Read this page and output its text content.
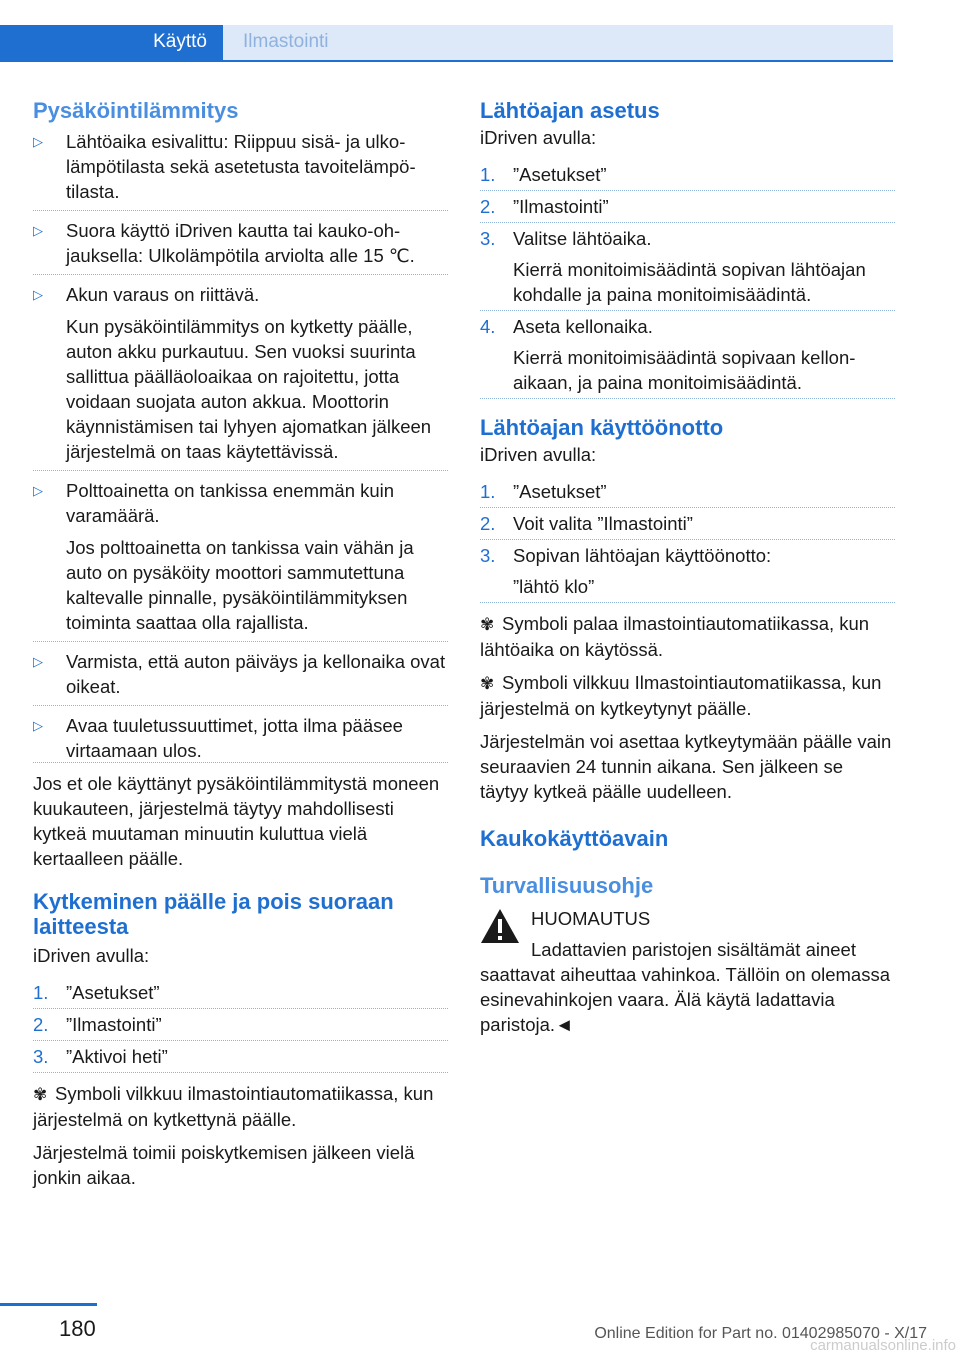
Käyttö Ilmastointi
Pysäköintilämmitys
▷ Lähtöaika esivalittu: Riippuu sisä- ja ulkolämpötilasta sekä asetetusta tavoitelämpötilasta.
▷ Suora käyttö iDriven kautta tai kauko-ohjauksella: Ulkolämpötila arviolta alle 15 ℃.
▷ Akun varaus on riittävä.
Kun pysäköintilämmitys on kytketty päälle, auton akku purkautuu. Sen vuoksi suurinta sallittua päälläoloaikaa on rajoitettu, jotta voidaan suojata auton akkua. Moottorin käynnistämisen tai lyhyen ajomatkan jälkeen järjestelmä on taas käytettävissä.
▷ Polttoainetta on tankissa enemmän kuin varamäärä.
Jos polttoainetta on tankissa vain vähän ja auto on pysäköity moottori sammutettuna kaltevalle pinnalle, pysäköintilämmityksen toiminta saattaa olla rajallista.
▷ Varmista, että auton päiväys ja kellonaika ovat oikeat.
▷ Avaa tuuletussuuttimet, jotta ilma pääsee virtaamaan ulos.

Jos et ole käyttänyt pysäköintilämmitystä moneen kuukauteen, järjestelmä täytyy mahdollisesti kytkeä muutaman minuutin kuluttua vielä kertaalleen päälle.

Kytkeminen päälle ja pois suoraan laitteesta

iDriven avulla:

1. ”Asetukset”
2. ”Ilmastointi”
3. ”Aktivoi heti”

✾ Symboli vilkkuu ilmastointiautomatiikassa, kun järjestelmä on kytkettynä päälle.

Järjestelmä toimii poiskytkemisen jälkeen vielä jonkin aikaa.

Lähtöajan asetus

iDriven avulla:

1. ”Asetukset”
2. ”Ilmastointi”
3. Valitse lähtöaika.
Kierrä monitoimisäädintä sopivan lähtöajan kohdalle ja paina monitoimisäädintä.
4. Aseta kellonaika.
Kierrä monitoimisäädintä sopivaan kellonaikaan, ja paina monitoimisäädintä.
Lähtöajan käyttöönotto

iDriven avulla:

1. ”Asetukset”
2. Voit valita ”Ilmastointi”
3. Sopivan lähtöajan käyttöönotto:
”lähtö klo”

✾ Symboli palaa ilmastointiautomatiikassa, kun lähtöaika on käytössä.

✾ Symboli vilkkuu Ilmastointiautomatiikassa, kun järjestelmä on kytkeytynyt päälle.

Järjestelmän voi asettaa kytkeytymään päälle vain seuraavien 24 tunnin aikana. Sen jälkeen se täytyy kytkeä päälle uudelleen.

Kaukokäyttöavain
Turvallisuusohje
HUOMAUTUS

Ladattavien paristojen sisältämät aineet saattavat aiheuttaa vahinkoa. Tällöin on olemassa esinevahinkojen vaara. Älä käytä ladattavia paristoja.◄

180	Online Edition for Part no. 01402985070 - X/17
carmanualsonline.info
